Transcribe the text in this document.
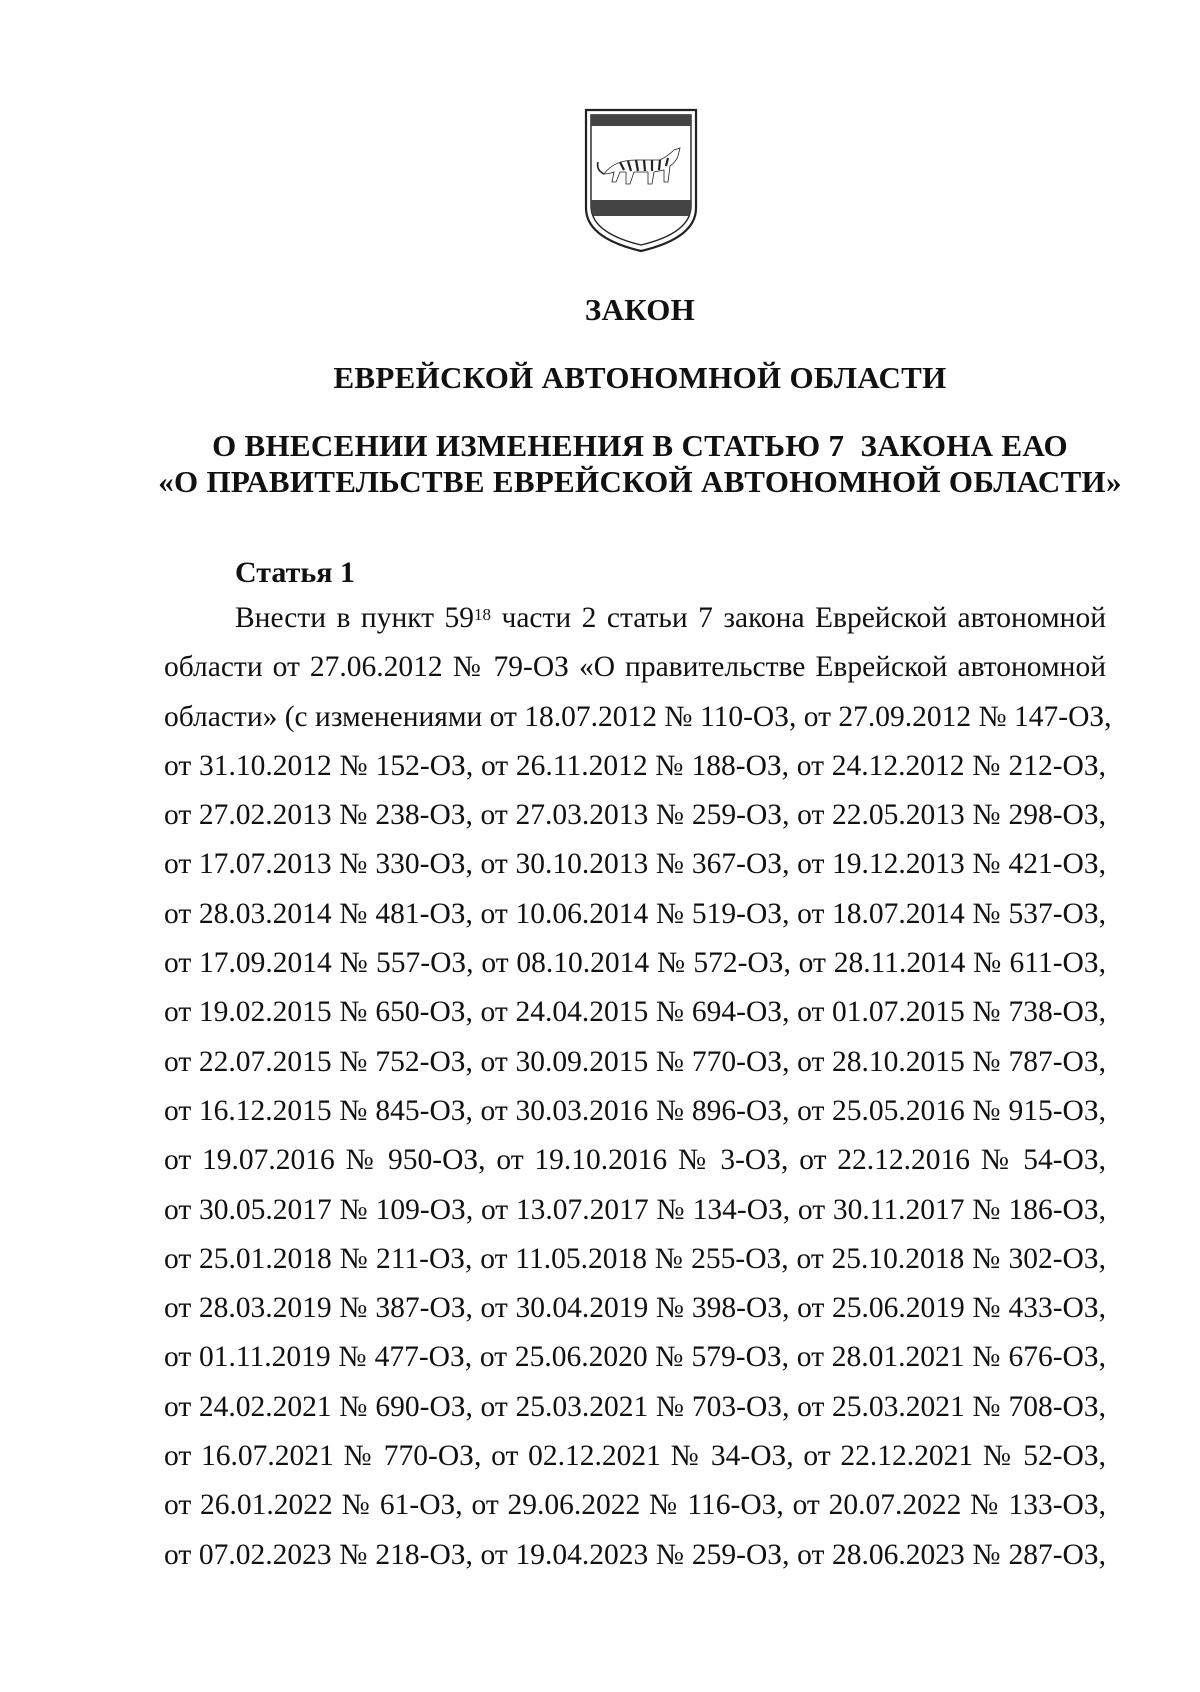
ЗАКОН
ЕВРЕЙСКОЙ АВТОНОМНОЙ ОБЛАСТИ
О ВНЕСЕНИИ ИЗМЕНЕНИЯ В СТАТЬЮ 7  ЗАКОНА ЕАО
«О ПРАВИТЕЛЬСТВЕ ЕВРЕЙСКОЙ АВТОНОМНОЙ ОБЛАСТИ»
Статья 1
Внести в пункт $59^{18}$ части 2 статьи 7 закона Еврейской автономной
области от 27.06.2012 № 79-ОЗ «О правительстве Еврейской автономной
области» (с изменениями от 18.07.2012 № 110-ОЗ, от 27.09.2012 № 147-ОЗ,
от 31.10.2012 № 152-ОЗ, от 26.11.2012 № 188-ОЗ, от 24.12.2012 № 212-ОЗ,
от 27.02.2013 № 238-ОЗ, от 27.03.2013 № 259-ОЗ, от 22.05.2013 № 298-ОЗ,
от 17.07.2013 № 330-ОЗ, от 30.10.2013 № 367-ОЗ, от 19.12.2013 № 421-ОЗ,
от 28.03.2014 № 481-ОЗ, от 10.06.2014 № 519-ОЗ, от 18.07.2014 № 537-ОЗ,
от 17.09.2014 № 557-ОЗ, от 08.10.2014 № 572-ОЗ, от 28.11.2014 № 611-ОЗ,
от 19.02.2015 № 650-ОЗ, от 24.04.2015 № 694-ОЗ, от 01.07.2015 № 738-ОЗ,
от 22.07.2015 № 752-ОЗ, от 30.09.2015 № 770-ОЗ, от 28.10.2015 № 787-ОЗ,
от 16.12.2015 № 845-ОЗ, от 30.03.2016 № 896-ОЗ, от 25.05.2016 № 915-ОЗ,
от 19.07.2016 № 950-ОЗ, от 19.10.2016 № 3-ОЗ, от 22.12.2016 № 54-ОЗ,
от 30.05.2017 № 109-ОЗ, от 13.07.2017 № 134-ОЗ, от 30.11.2017 № 186-ОЗ,
от 25.01.2018 № 211-ОЗ, от 11.05.2018 № 255-ОЗ, от 25.10.2018 № 302-ОЗ,
от 28.03.2019 № 387-ОЗ, от 30.04.2019 № 398-ОЗ, от 25.06.2019 № 433-ОЗ,
от 01.11.2019 № 477-ОЗ, от 25.06.2020 № 579-ОЗ, от 28.01.2021 № 676-ОЗ,
от 24.02.2021 № 690-ОЗ, от 25.03.2021 № 703-ОЗ, от 25.03.2021 № 708-ОЗ,
от 16.07.2021 № 770-ОЗ, от 02.12.2021 № 34-ОЗ, от 22.12.2021 № 52-ОЗ,
от 26.01.2022 № 61-ОЗ, от 29.06.2022 № 116-ОЗ, от 20.07.2022 № 133-ОЗ,
от 07.02.2023 № 218-ОЗ, от 19.04.2023 № 259-ОЗ, от 28.06.2023 № 287-ОЗ,
